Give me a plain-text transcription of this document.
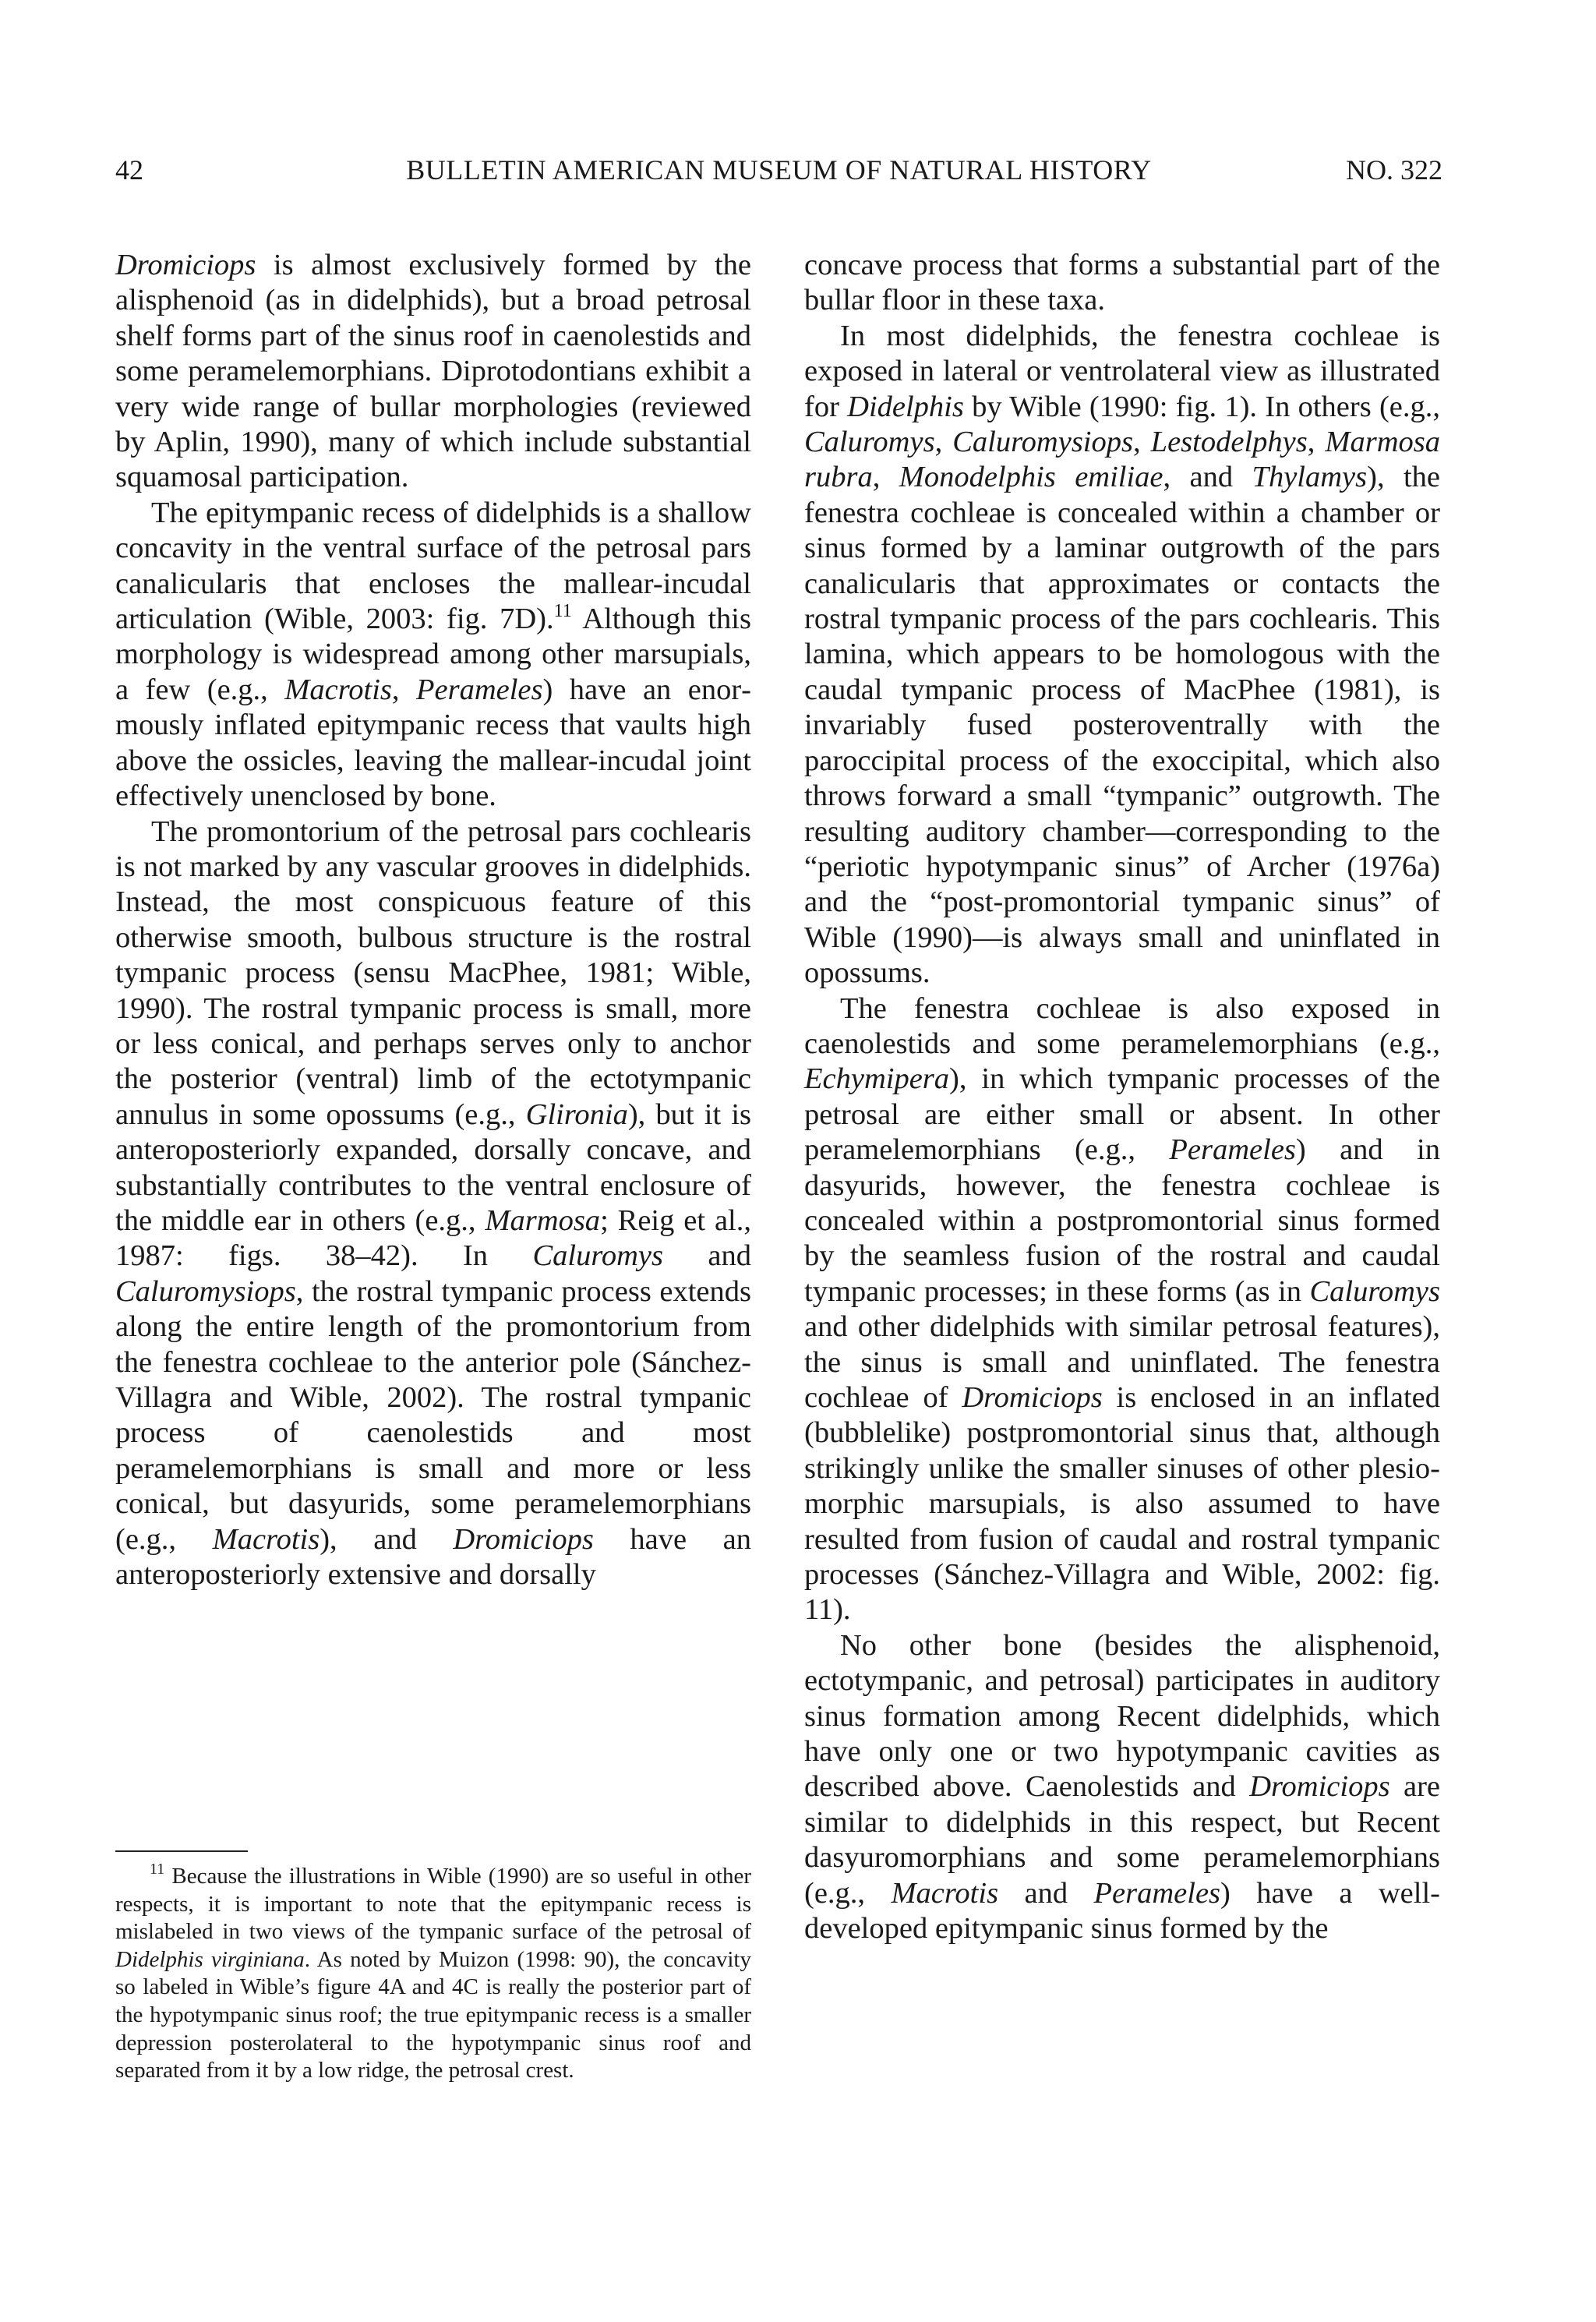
42	BULLETIN AMERICAN MUSEUM OF NATURAL HISTORY	NO. 322

Dromiciops is almost exclusively formed by the alisphenoid (as in didelphids), but a broad petrosal shelf forms part of the sinus roof in caenolestids and some peramelemorphians. Diprotodontians exhibit a very wide range of bullar morphologies (reviewed by Aplin, 1990), many of which include substantial squamosal participation.

The epitympanic recess of didelphids is a shallow concavity in the ventral surface of the petrosal pars canalicularis that encloses the mallear-incudal articulation (Wible, 2003: fig. 7D).$^{11}$ Although this morphology is widespread among other marsupials, a few (e.g., Macrotis, Perameles) have an enormously inflated epitympanic recess that vaults high above the ossicles, leaving the mallear-incudal joint effectively unenclosed by bone.

The promontorium of the petrosal pars cochlearis is not marked by any vascular grooves in didelphids. Instead, the most conspicuous feature of this otherwise smooth, bulbous structure is the rostral tympanic process (sensu MacPhee, 1981; Wible, 1990). The rostral tympanic process is small, more or less conical, and perhaps serves only to anchor the posterior (ventral) limb of the ectotympanic annulus in some opossums (e.g., Glironia), but it is anteroposteriorly expanded, dorsally concave, and substantially contributes to the ventral enclosure of the middle ear in others (e.g., Marmosa; Reig et al., 1987: figs. 38–42). In Caluromys and Caluromysiops, the rostral tympanic process extends along the entire length of the promontorium from the fenestra cochleae to the anterior pole (Sánchez-Villagra and Wible, 2002). The rostral tympanic process of caenolestids and most peramelemorphians is small and more or less conical, but dasyurids, some peramelemorphians (e.g., Macrotis), and Dromiciops have an anteroposteriorly extensive and dorsally

concave process that forms a substantial part of the bullar floor in these taxa.

In most didelphids, the fenestra cochleae is exposed in lateral or ventrolateral view as illustrated for Didelphis by Wible (1990: fig. 1). In others (e.g., Caluromys, Caluromysiops, Lestodelphys, Marmosa rubra, Monodelphis emiliae, and Thylamys), the fenestra cochleae is concealed within a chamber or sinus formed by a laminar outgrowth of the pars canalicularis that approximates or contacts the rostral tympanic process of the pars cochlearis. This lamina, which appears to be homologous with the caudal tympanic process of MacPhee (1981), is invariably fused posteroventrally with the paroccipital process of the exoccipital, which also throws forward a small “tympanic” outgrowth. The resulting auditory chamber—corresponding to the “periotic hypotympanic sinus” of Archer (1976a) and the “post-promontorial tympanic sinus” of Wible (1990)—is always small and uninflated in opossums.

The fenestra cochleae is also exposed in caenolestids and some peramelemorphians (e.g., Echymipera), in which tympanic processes of the petrosal are either small or absent. In other peramelemorphians (e.g., Perameles) and in dasyurids, however, the fenestra cochleae is concealed within a postpromontorial sinus formed by the seamless fusion of the rostral and caudal tympanic processes; in these forms (as in Caluromys and other didelphids with similar petrosal features), the sinus is small and uninflated. The fenestra cochleae of Dromiciops is enclosed in an inflated (bubblelike) postpromontorial sinus that, although strikingly unlike the smaller sinuses of other plesiomorphic marsupials, is also assumed to have resulted from fusion of caudal and rostral tympanic processes (Sánchez-Villagra and Wible, 2002: fig. 11).

No other bone (besides the alisphenoid, ectotympanic, and petrosal) participates in auditory sinus formation among Recent didelphids, which have only one or two hypotympanic cavities as described above. Caenolestids and Dromiciops are similar to didelphids in this respect, but Recent dasyuromorphians and some peramelemorphians (e.g., Macrotis and Perameles) have a well-developed epitympanic sinus formed by the

$^{11}$ Because the illustrations in Wible (1990) are so useful in other respects, it is important to note that the epitympanic recess is mislabeled in two views of the tympanic surface of the petrosal of Didelphis virginiana. As noted by Muizon (1998: 90), the concavity so labeled in Wible’s figure 4A and 4C is really the posterior part of the hypotympanic sinus roof; the true epitympanic recess is a smaller depression posterolateral to the hypotympanic sinus roof and separated from it by a low ridge, the petrosal crest.
